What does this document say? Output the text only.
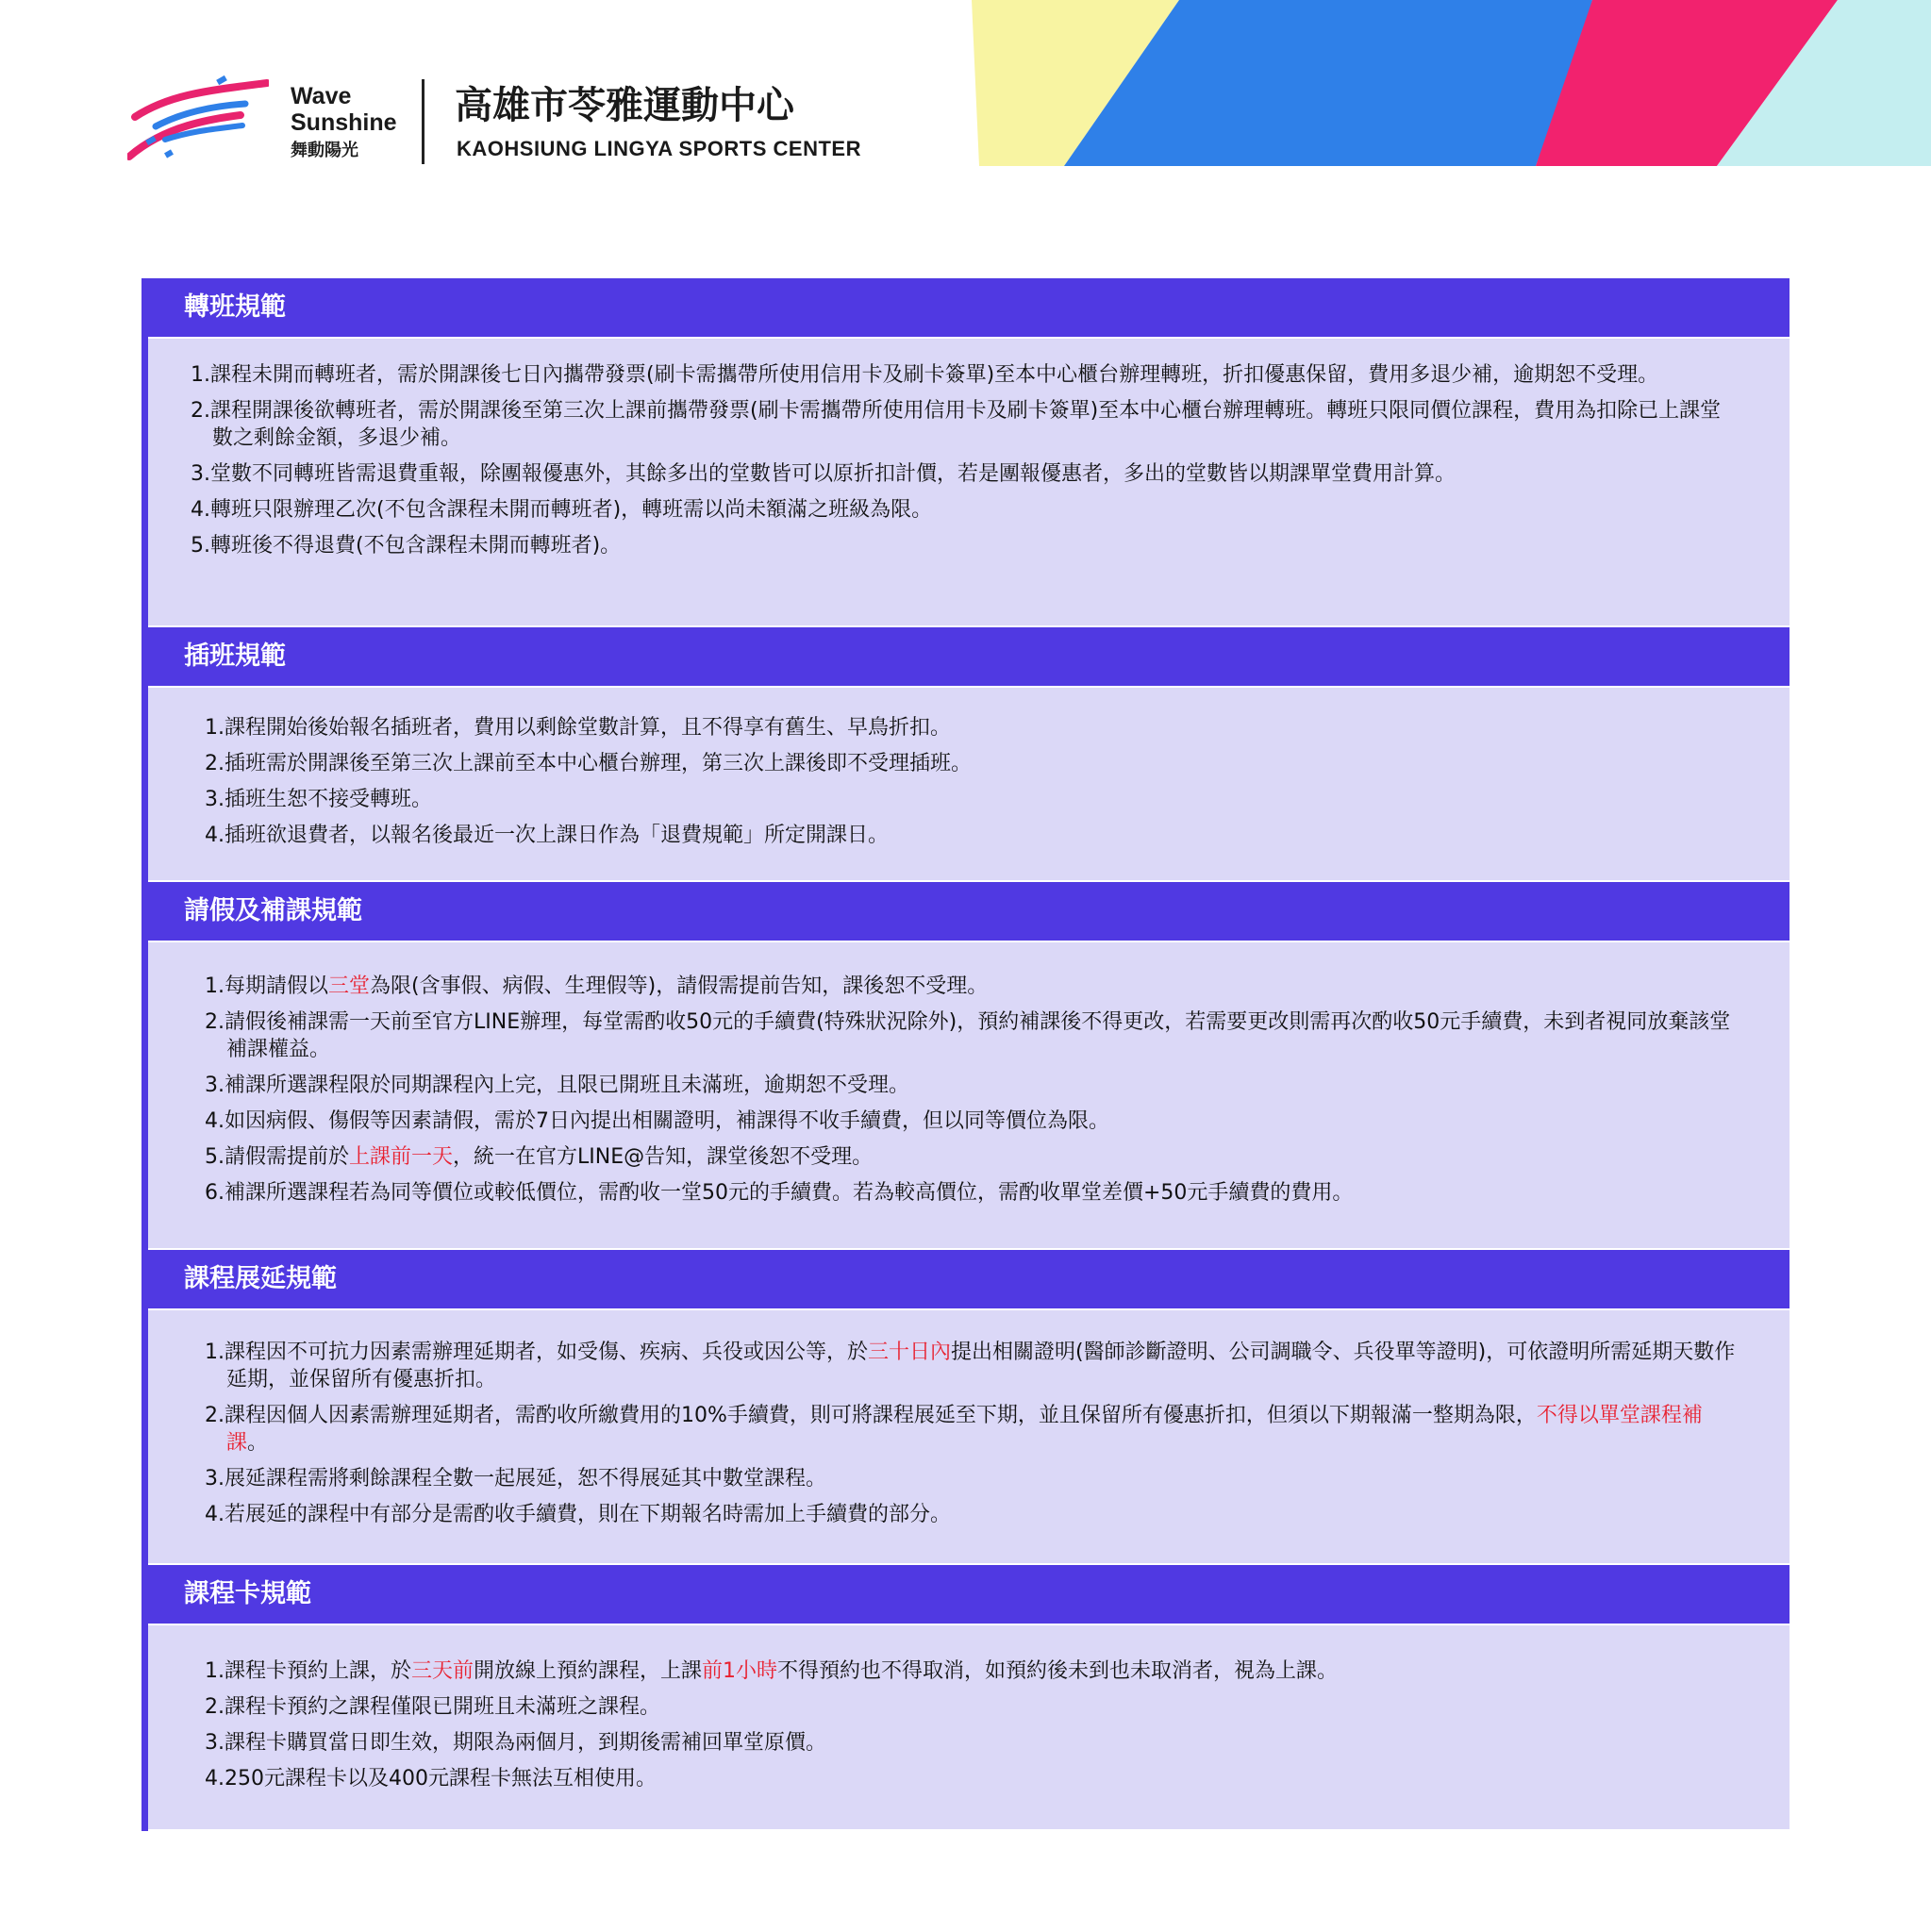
Wave
Sunshine
舞動陽光
高雄市苓雅運動中心
KAOHSIUNG LINGYA SPORTS CENTER
轉班規範
1.課程未開而轉班者，需於開課後七日內攜帶發票(刷卡需攜帶所使用信用卡及刷卡簽單)至本中心櫃台辦理轉班，折扣優惠保留，費用多退少補，逾期恕不受理。
2.課程開課後欲轉班者，需於開課後至第三次上課前攜帶發票(刷卡需攜帶所使用信用卡及刷卡簽單)至本中心櫃台辦理轉班。轉班只限同價位課程，費用為扣除已上課堂數之剩餘金額，多退少補。
3.堂數不同轉班皆需退費重報，除團報優惠外，其餘多出的堂數皆可以原折扣計價，若是團報優惠者，多出的堂數皆以期課單堂費用計算。
4.轉班只限辦理乙次(不包含課程未開而轉班者)，轉班需以尚未額滿之班級為限。
5.轉班後不得退費(不包含課程未開而轉班者)。
插班規範
1.課程開始後始報名插班者，費用以剩餘堂數計算，且不得享有舊生、早鳥折扣。
2.插班需於開課後至第三次上課前至本中心櫃台辦理，第三次上課後即不受理插班。
3.插班生恕不接受轉班。
4.插班欲退費者，以報名後最近一次上課日作為「退費規範」所定開課日。
請假及補課規範
1.每期請假以三堂為限(含事假、病假、生理假等)，請假需提前告知，課後恕不受理。
2.請假後補課需一天前至官方LINE辦理，每堂需酌收50元的手續費(特殊狀況除外)，預約補課後不得更改，若需要更改則需再次酌收50元手續費，未到者視同放棄該堂補課權益。
3.補課所選課程限於同期課程內上完，且限已開班且未滿班，逾期恕不受理。
4.如因病假、傷假等因素請假，需於7日內提出相關證明，補課得不收手續費，但以同等價位為限。
5.請假需提前於上課前一天，統一在官方LINE@告知，課堂後恕不受理。
6.補課所選課程若為同等價位或較低價位，需酌收一堂50元的手續費。若為較高價位，需酌收單堂差價+50元手續費的費用。
課程展延規範
1.課程因不可抗力因素需辦理延期者，如受傷、疾病、兵役或因公等，於三十日內提出相關證明(醫師診斷證明、公司調職令、兵役單等證明)，可依證明所需延期天數作延期，並保留所有優惠折扣。
2.課程因個人因素需辦理延期者，需酌收所繳費用的10%手續費，則可將課程展延至下期，並且保留所有優惠折扣，但須以下期報滿一整期為限，不得以單堂課程補課。
3.展延課程需將剩餘課程全數一起展延，恕不得展延其中數堂課程。
4.若展延的課程中有部分是需酌收手續費，則在下期報名時需加上手續費的部分。
課程卡規範
1.課程卡預約上課，於三天前開放線上預約課程，上課前1小時不得預約也不得取消，如預約後未到也未取消者，視為上課。
2.課程卡預約之課程僅限已開班且未滿班之課程。
3.課程卡購買當日即生效，期限為兩個月，到期後需補回單堂原價。
4.250元課程卡以及400元課程卡無法互相使用。
